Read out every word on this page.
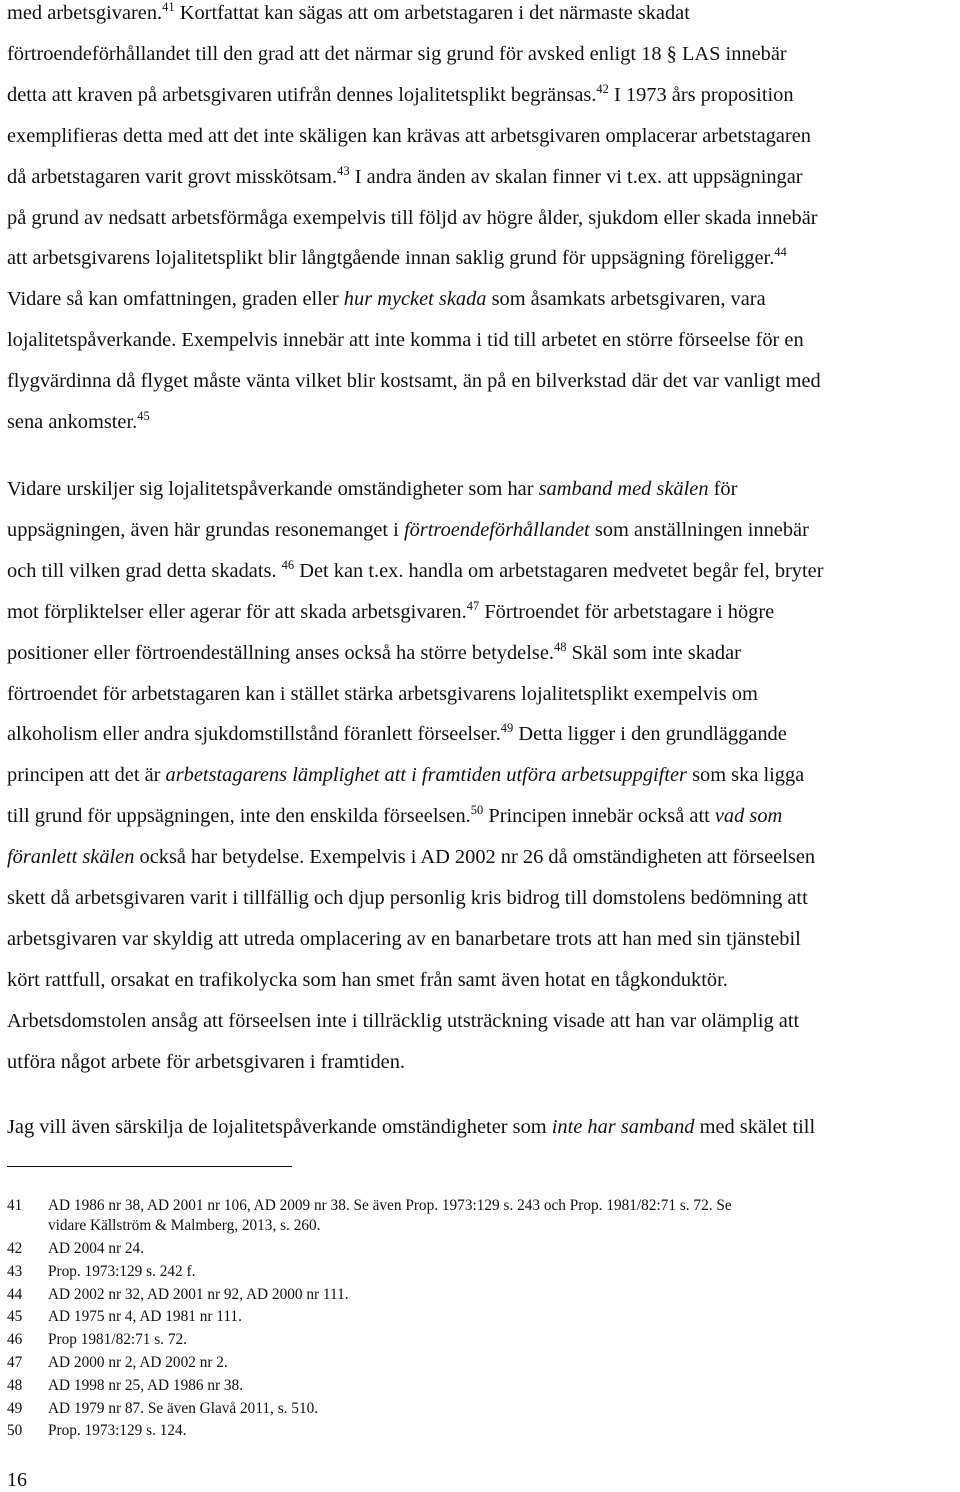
med arbetsgivaren.$^{41}$ Kortfattat kan sägas att om arbetstagaren i det närmaste skadat
förtroendeförhållandet till den grad att det närmar sig grund för avsked enligt 18 § LAS innebär
detta att kraven på arbetsgivaren utifrån dennes lojalitetsplikt begränsas.$^{42}$ I 1973 års proposition
exemplifieras detta med att det inte skäligen kan krävas att arbetsgivaren omplacerar arbetstagaren
då arbetstagaren varit grovt misskötsam.$^{43}$ I andra änden av skalan finner vi t.ex. att uppsägningar
på grund av nedsatt arbetsförmåga exempelvis till följd av högre ålder, sjukdom eller skada innebär
att arbetsgivarens lojalitetsplikt blir långtgående innan saklig grund för uppsägning föreligger.$^{44}$
Vidare så kan omfattningen, graden eller hur mycket skada som åsamkats arbetsgivaren, vara
lojalitetspåverkande. Exempelvis innebär att inte komma i tid till arbetet en större förseelse för en
flygvärdinna då flyget måste vänta vilket blir kostsamt, än på en bilverkstad där det var vanligt med
sena ankomster.$^{45}$
Vidare urskiljer sig lojalitetspåverkande omständigheter som har samband med skälen för
uppsägningen, även här grundas resonemanget i förtroendeförhållandet som anställningen innebär
och till vilken grad detta skadats. $^{46}$ Det kan t.ex. handla om arbetstagaren medvetet begår fel, bryter
mot förpliktelser eller agerar för att skada arbetsgivaren.$^{47}$ Förtroendet för arbetstagare i högre
positioner eller förtroendeställning anses också ha större betydelse.$^{48}$ Skäl som inte skadar
förtroendet för arbetstagaren kan i stället stärka arbetsgivarens lojalitetsplikt exempelvis om
alkoholism eller andra sjukdomstillstånd föranlett förseelser.$^{49}$ Detta ligger i den grundläggande
principen att det är arbetstagarens lämplighet att i framtiden utföra arbetsuppgifter som ska ligga
till grund för uppsägningen, inte den enskilda förseelsen.$^{50}$ Principen innebär också att vad som
föranlett skälen också har betydelse. Exempelvis i AD 2002 nr 26 då omständigheten att förseelsen
skett då arbetsgivaren varit i tillfällig och djup personlig kris bidrog till domstolens bedömning att
arbetsgivaren var skyldig att utreda omplacering av en banarbetare trots att han med sin tjänstebil
kört rattfull, orsakat en trafikolycka som han smet från samt även hotat en tågkonduktör.
Arbetsdomstolen ansåg att förseelsen inte i tillräcklig utsträckning visade att han var olämplig att
utföra något arbete för arbetsgivaren i framtiden.
Jag vill även särskilja de lojalitetspåverkande omständigheter som inte har samband med skälet till
41	AD 1986 nr 38, AD 2001 nr 106, AD 2009 nr 38. Se även Prop. 1973:129 s. 243 och Prop. 1981/82:71 s. 72. Se
vidare Källström & Malmberg, 2013, s. 260.
42	AD 2004 nr 24.
43	Prop. 1973:129 s. 242 f.
44	AD 2002 nr 32, AD 2001 nr 92, AD 2000 nr 111.
45	AD 1975 nr 4, AD 1981 nr 111.
46	Prop 1981/82:71 s. 72.
47	AD 2000 nr 2, AD 2002 nr 2.
48	AD 1998 nr 25, AD 1986 nr 38.
49	AD 1979 nr 87. Se även Glavå 2011, s. 510.
50	Prop. 1973:129 s. 124.
16
